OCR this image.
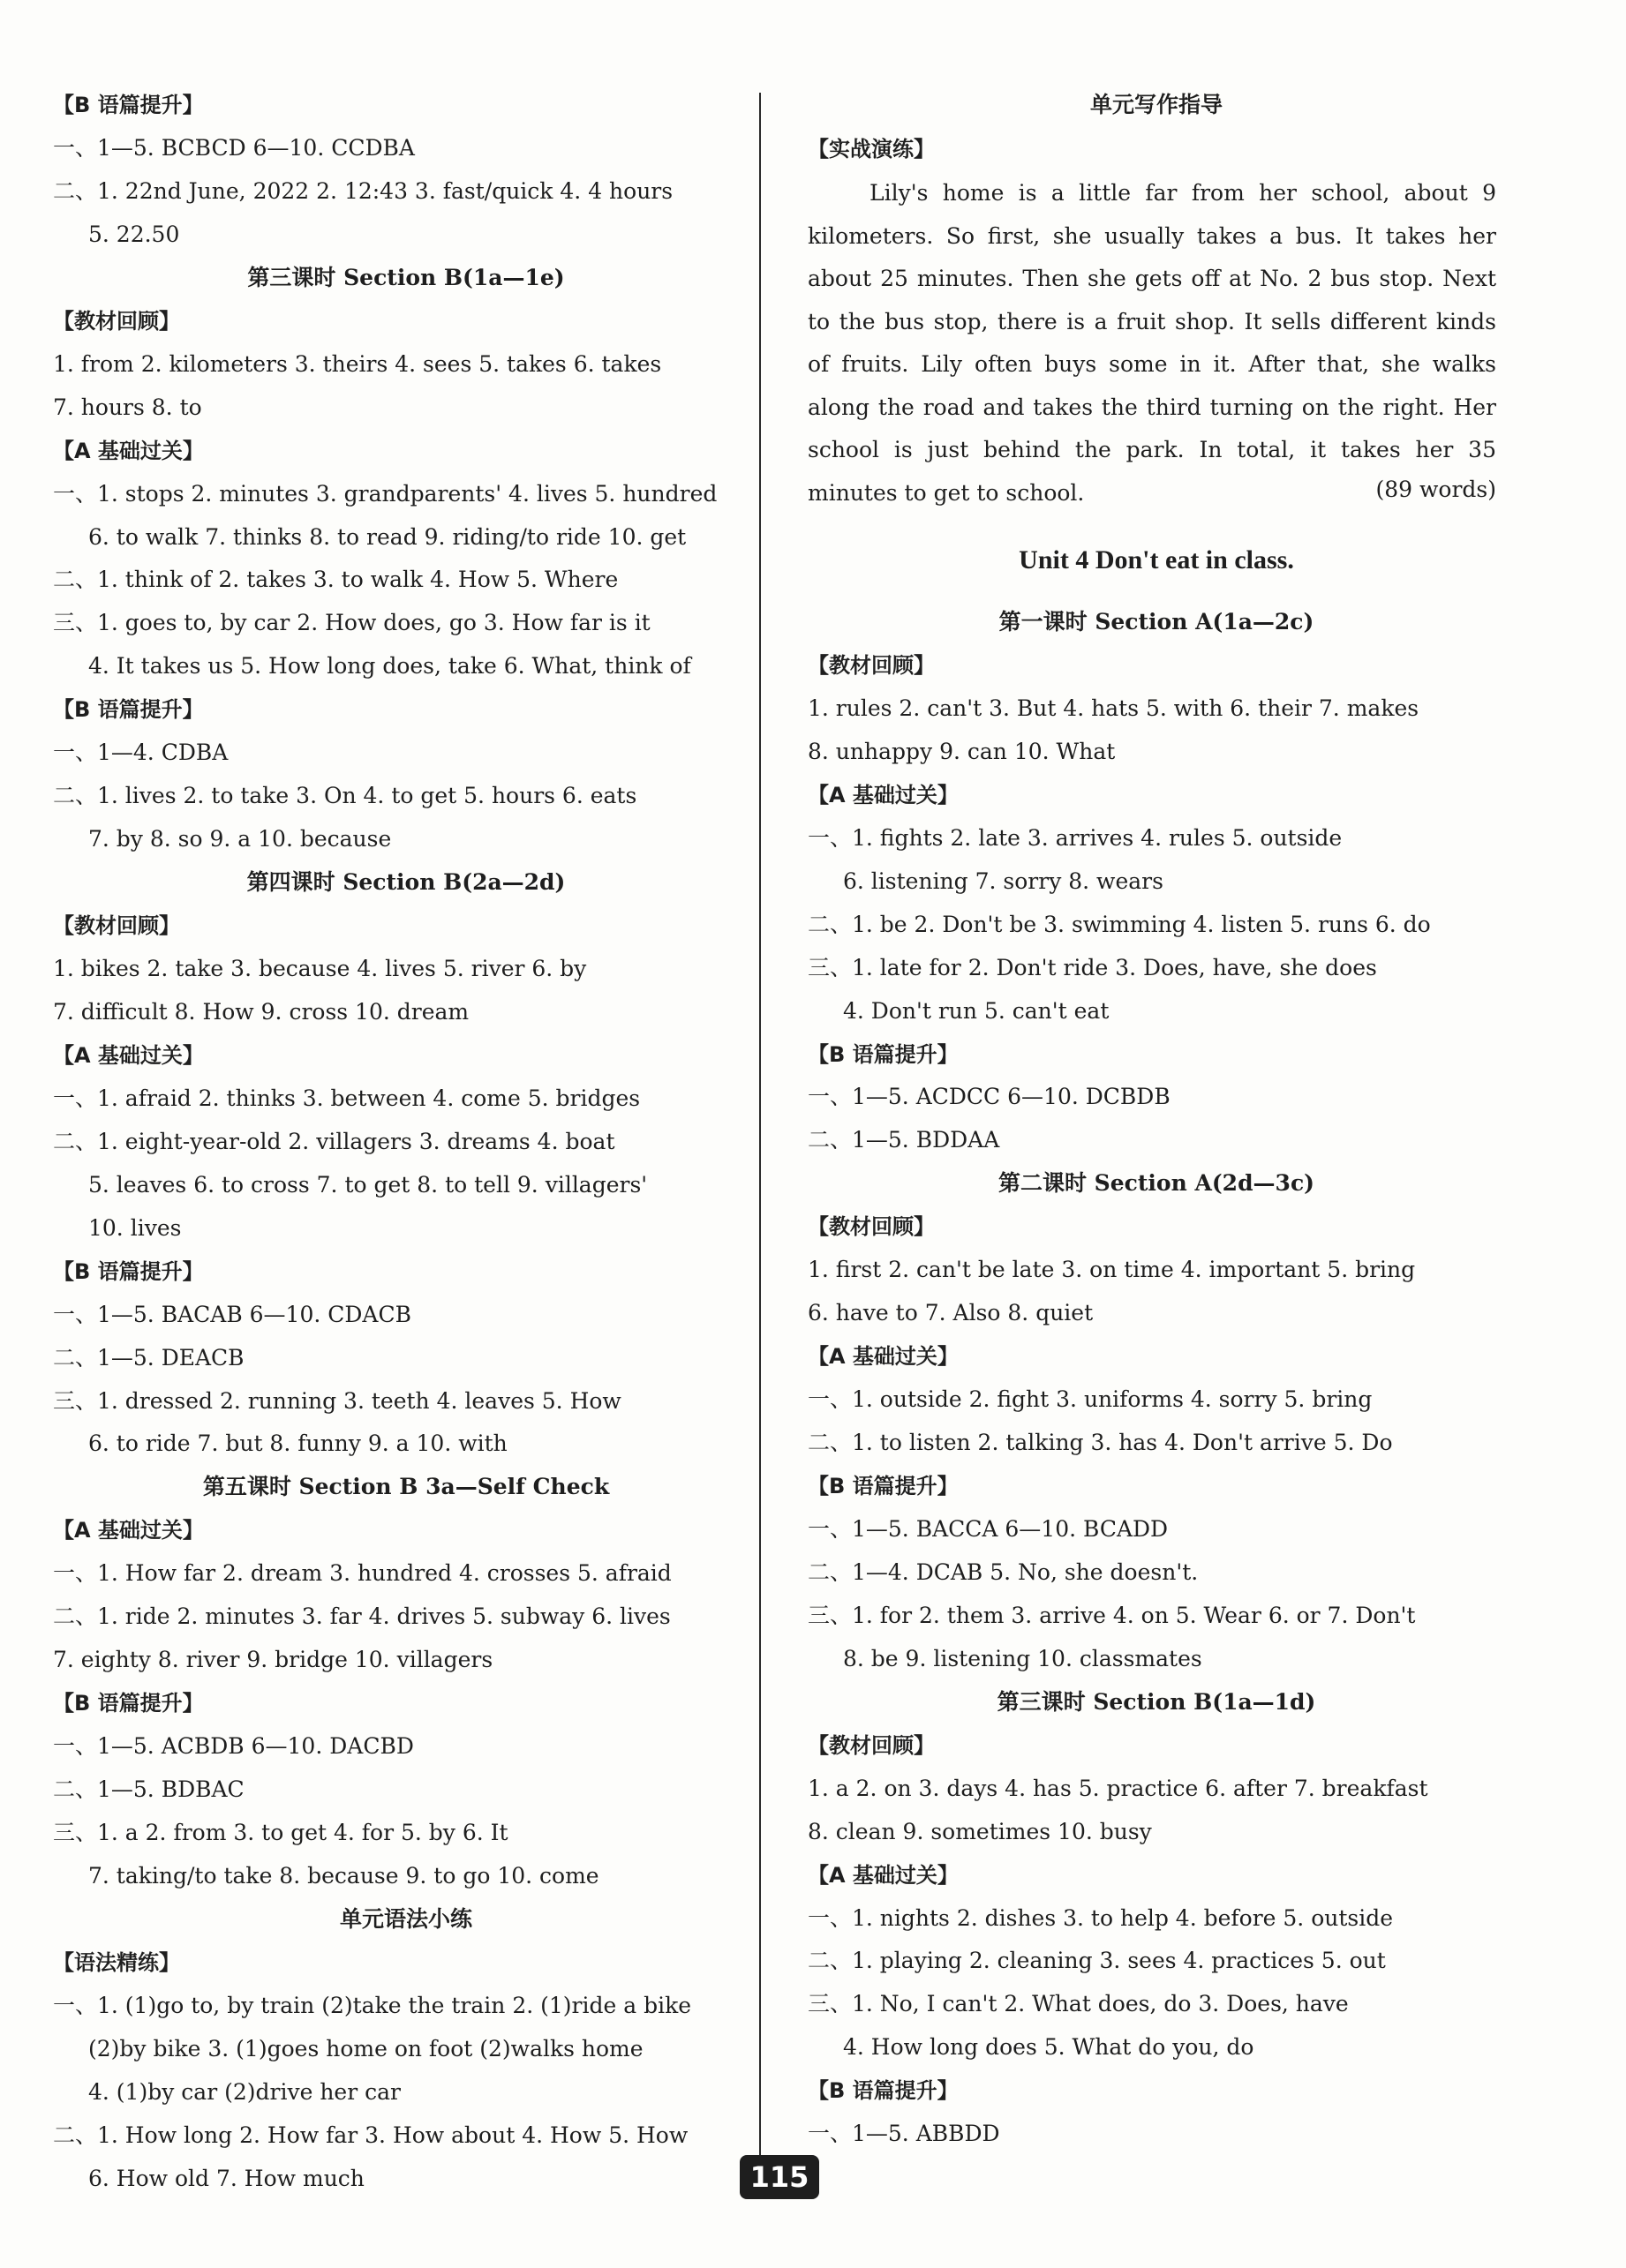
【B 语篇提升】
一、1—5. BCBCD 6—10. CCDBA
二、1. 22nd June, 2022 2. 12:43 3. fast/quick 4. 4 hours
5. 22.50
第三课时 Section B(1a—1e)
【教材回顾】
1. from 2. kilometers 3. theirs 4. sees 5. takes 6. takes
7. hours 8. to
【A 基础过关】
一、1. stops 2. minutes 3. grandparents' 4. lives 5. hundred
6. to walk 7. thinks 8. to read 9. riding/to ride 10. get
二、1. think of 2. takes 3. to walk 4. How 5. Where
三、1. goes to, by car 2. How does, go 3. How far is it
4. It takes us 5. How long does, take 6. What, think of
【B 语篇提升】
一、1—4. CDBA
二、1. lives 2. to take 3. On 4. to get 5. hours 6. eats
7. by 8. so 9. a 10. because
第四课时 Section B(2a—2d)
【教材回顾】
1. bikes 2. take 3. because 4. lives 5. river 6. by
7. difficult 8. How 9. cross 10. dream
【A 基础过关】
一、1. afraid 2. thinks 3. between 4. come 5. bridges
二、1. eight-year-old 2. villagers 3. dreams 4. boat
5. leaves 6. to cross 7. to get 8. to tell 9. villagers'
10. lives
【B 语篇提升】
一、1—5. BACAB 6—10. CDACB
二、1—5. DEACB
三、1. dressed 2. running 3. teeth 4. leaves 5. How
6. to ride 7. but 8. funny 9. a 10. with
第五课时 Section B 3a—Self Check
【A 基础过关】
一、1. How far 2. dream 3. hundred 4. crosses 5. afraid
二、1. ride 2. minutes 3. far 4. drives 5. subway 6. lives
7. eighty 8. river 9. bridge 10. villagers
【B 语篇提升】
一、1—5. ACBDB 6—10. DACBD
二、1—5. BDBAC
三、1. a 2. from 3. to get 4. for 5. by 6. It
7. taking/to take 8. because 9. to go 10. come
单元语法小练
【语法精练】
一、1. (1)go to, by train (2)take the train 2. (1)ride a bike
(2)by bike 3. (1)goes home on foot (2)walks home
4. (1)by car (2)drive her car
二、1. How long 2. How far 3. How about 4. How 5. How
6. How old 7. How much
单元写作指导
【实战演练】
Lily's home is a little far from her school, about 9 kilometers. So first, she usually takes a bus. It takes her about 25 minutes. Then she gets off at No. 2 bus stop. Next to the bus stop, there is a fruit shop. It sells different kinds of fruits. Lily often buys some in it. After that, she walks along the road and takes the third turning on the right. Her school is just behind the park. In total, it takes her 35 minutes to get to school.	(89 words)
Unit 4 Don't eat in class.
第一课时 Section A(1a—2c)
【教材回顾】
1. rules 2. can't 3. But 4. hats 5. with 6. their 7. makes
8. unhappy 9. can 10. What
【A 基础过关】
一、1. fights 2. late 3. arrives 4. rules 5. outside
6. listening 7. sorry 8. wears
二、1. be 2. Don't be 3. swimming 4. listen 5. runs 6. do
三、1. late for 2. Don't ride 3. Does, have, she does
4. Don't run 5. can't eat
【B 语篇提升】
一、1—5. ACDCC 6—10. DCBDB
二、1—5. BDDAA
第二课时 Section A(2d—3c)
【教材回顾】
1. first 2. can't be late 3. on time 4. important 5. bring
6. have to 7. Also 8. quiet
【A 基础过关】
一、1. outside 2. fight 3. uniforms 4. sorry 5. bring
二、1. to listen 2. talking 3. has 4. Don't arrive 5. Do
【B 语篇提升】
一、1—5. BACCA 6—10. BCADD
二、1—4. DCAB 5. No, she doesn't.
三、1. for 2. them 3. arrive 4. on 5. Wear 6. or 7. Don't
8. be 9. listening 10. classmates
第三课时 Section B(1a—1d)
【教材回顾】
1. a 2. on 3. days 4. has 5. practice 6. after 7. breakfast
8. clean 9. sometimes 10. busy
【A 基础过关】
一、1. nights 2. dishes 3. to help 4. before 5. outside
二、1. playing 2. cleaning 3. sees 4. practices 5. out
三、1. No, I can't 2. What does, do 3. Does, have
4. How long does 5. What do you, do
【B 语篇提升】
一、1—5. ABBDD
115
